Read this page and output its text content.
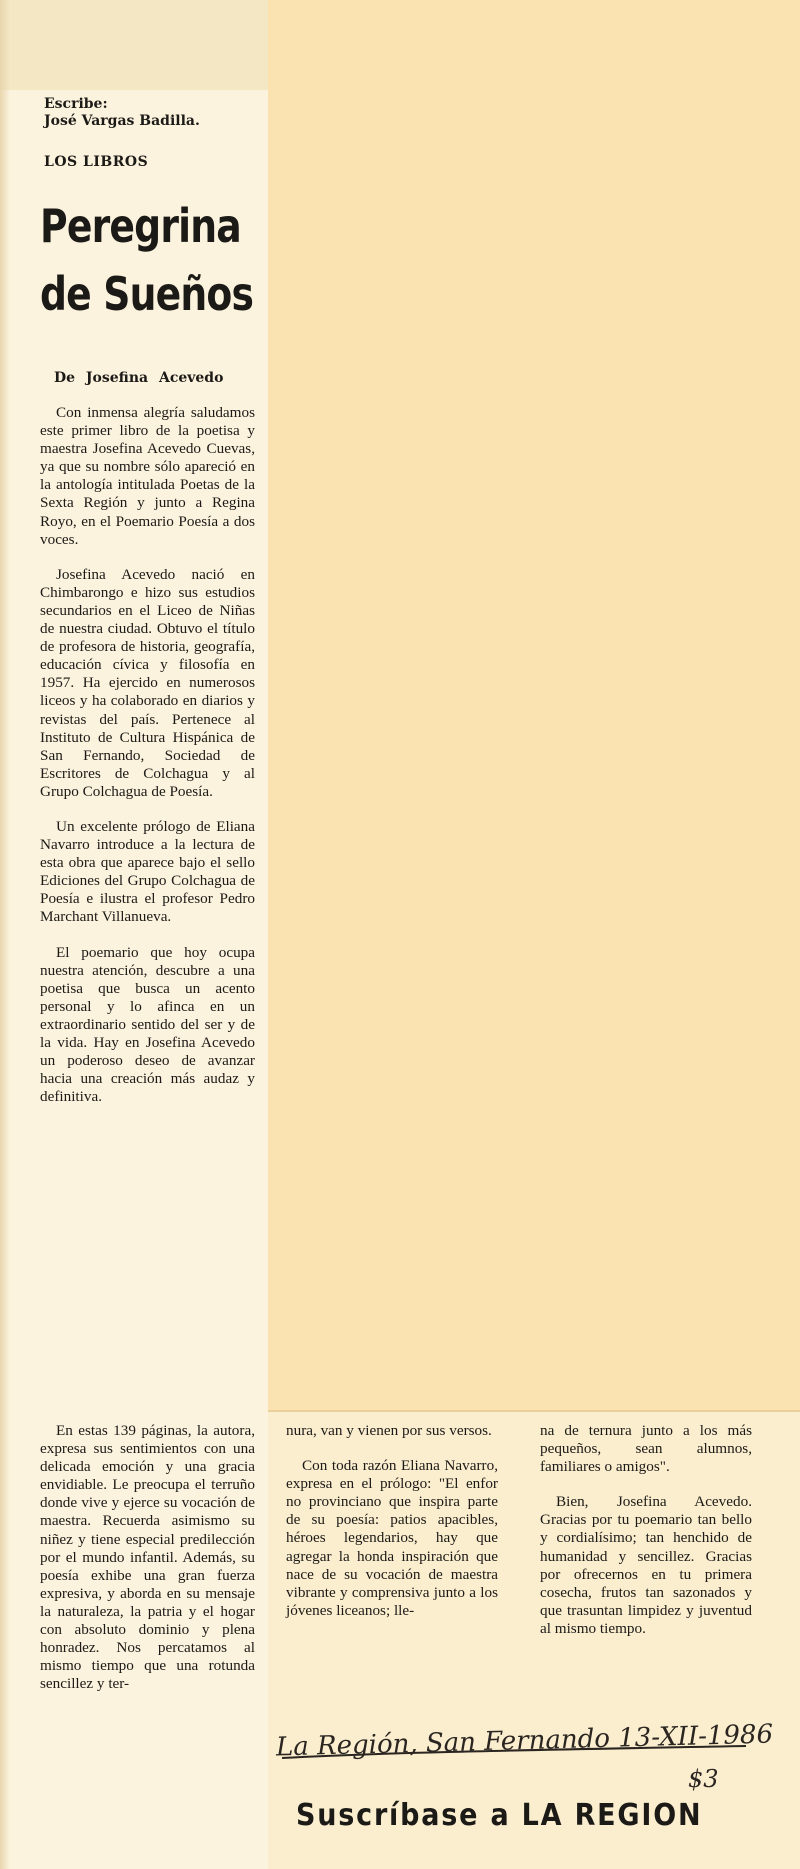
Escribe:
José Vargas Badilla.
LOS LIBROS
Peregrina
de Sueños
De Josefina Acevedo

Con inmensa alegría saludamos este primer libro de la poetisa y maestra Josefina Acevedo Cuevas, ya que su nombre sólo apareció en la antología intitulada Poetas de la Sexta Región y junto a Regina Royo, en el Poemario Poesía a dos voces.

Josefina Acevedo nació en Chimbarongo e hizo sus estudios secundarios en el Liceo de Niñas de nuestra ciudad. Obtuvo el título de profesora de historia, geografía, educación cívica y filosofía en 1957. Ha ejercido en numerosos liceos y ha colaborado en diarios y revistas del país. Pertenece al Instituto de Cultura Hispánica de San Fernando, Sociedad de Escritores de Colchagua y al Grupo Colchagua de Poesía.

Un excelente prólogo de Eliana Navarro introduce a la lectura de esta obra que aparece bajo el sello Ediciones del Grupo Colchagua de Poesía e ilustra el profesor Pedro Marchant Villanueva.

El poemario que hoy ocupa nuestra atención, descubre a una poetisa que busca un acento personal y lo afinca en un extraordinario sentido del ser y de la vida. Hay en Josefina Acevedo un poderoso deseo de avanzar hacia una creación más audaz y definitiva.

En estas 139 páginas, la autora, expresa sus sentimientos con una delicada emoción y una gracia envidiable. Le preocupa el terruño donde vive y ejerce su vocación de maestra. Recuerda asimismo su niñez y tiene especial predilección por el mundo infantil. Además, su poesía exhibe una gran fuerza expresiva, y aborda en su mensaje la naturaleza, la patria y el hogar con absoluto dominio y plena honradez. Nos percatamos al mismo tiempo que una rotunda sencillez y ter-

nura, van y vienen por sus versos.

Con toda razón Eliana Navarro, expresa en el prólogo: "El enfor no provinciano que inspira parte de su poesía: patios apacibles, héroes legendarios, hay que agregar la honda inspiración que nace de su vocación de maestra vibrante y comprensiva junto a los jóvenes liceanos; lle-

na de ternura junto a los más pequeños, sean alumnos, familiares o amigos".

Bien, Josefina Acevedo. Gracias por tu poemario tan bello y cordialísimo; tan henchido de humanidad y sencillez. Gracias por ofrecernos en tu primera cosecha, frutos tan sazonados y que trasuntan limpidez y juventud al mismo tiempo.

La Región, San Fernando 13-XII-1986
$3
Suscríbase a LA REGION
